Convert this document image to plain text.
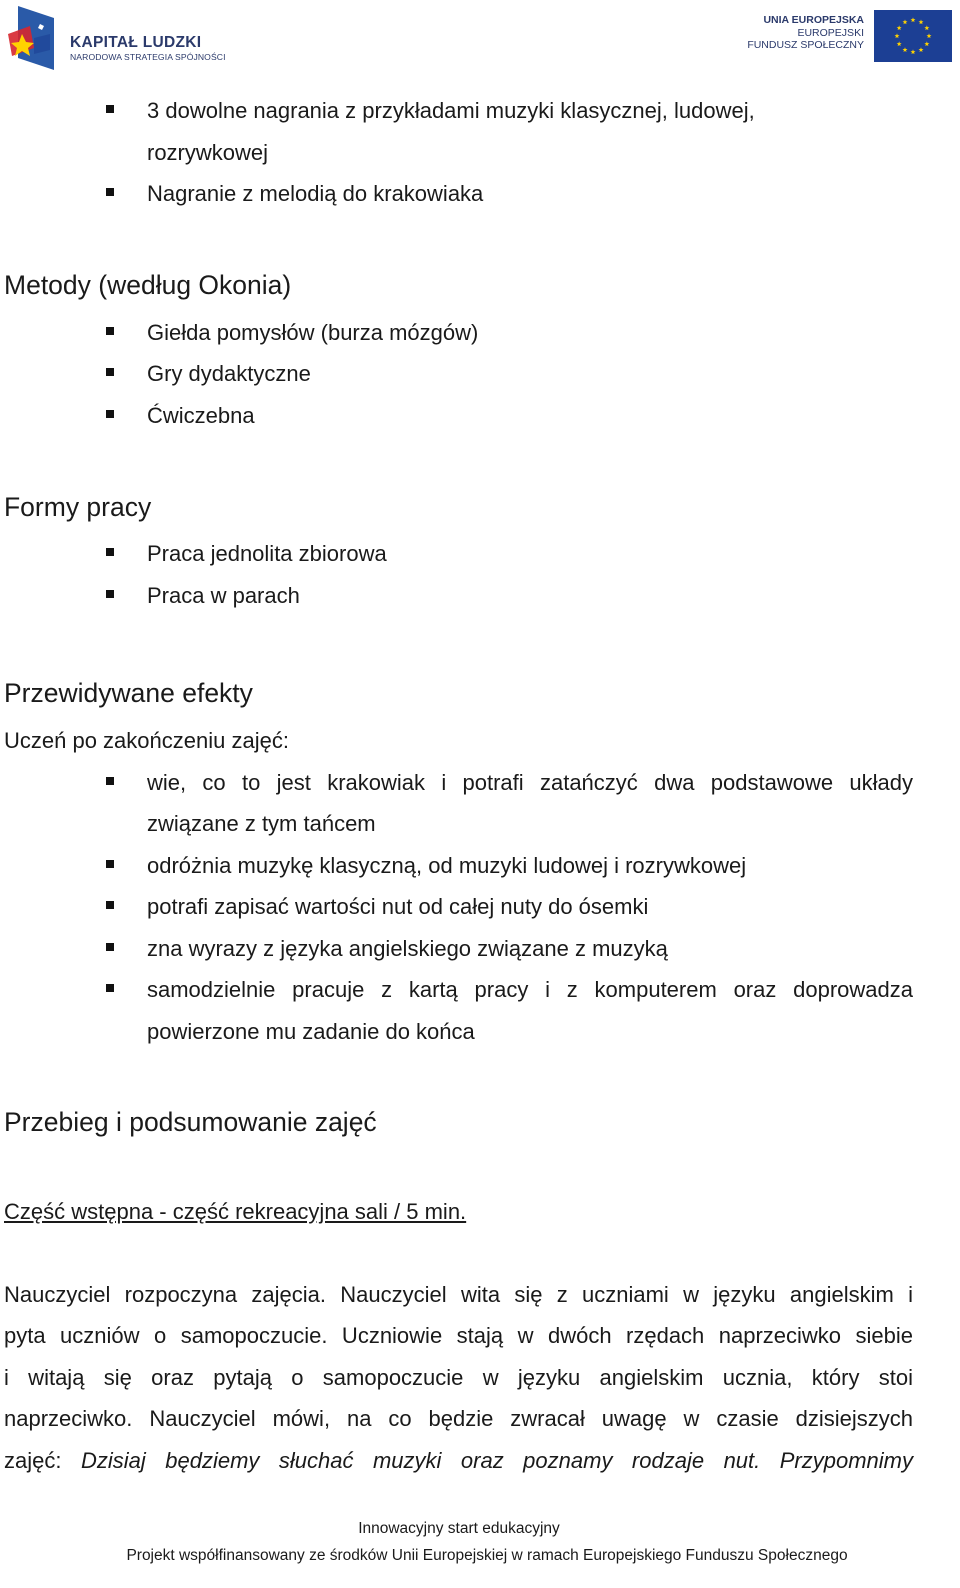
KAPITAŁ LUDZKI
NARODOWA STRATEGIA SPÓJNOŚCI
UNIA EUROPEJSKA
EUROPEJSKI
FUNDUSZ SPOŁECZNY
3 dowolne nagrania z przykładami muzyki klasycznej, ludowej,
rozrywkowej
Nagranie z melodią do krakowiaka
Metody (według Okonia)
Giełda pomysłów (burza mózgów)
Gry dydaktyczne
Ćwiczebna
Formy pracy
Praca jednolita zbiorowa
Praca w parach
Przewidywane efekty
Uczeń po zakończeniu zajęć:
wie, co to jest krakowiak i potrafi zatańczyć dwa podstawowe układy
związane z tym tańcem
odróżnia muzykę klasyczną, od muzyki ludowej i rozrywkowej
potrafi zapisać wartości nut od całej nuty do ósemki
zna wyrazy z języka angielskiego związane z muzyką
samodzielnie pracuje z kartą pracy i z komputerem oraz doprowadza
powierzone mu zadanie do końca
Przebieg i podsumowanie zajęć
Część wstępna - część rekreacyjna sali / 5 min.
Nauczyciel rozpoczyna zajęcia. Nauczyciel wita się z uczniami w języku angielskim i
pyta uczniów o samopoczucie. Uczniowie stają w dwóch rzędach naprzeciwko siebie
i witają się oraz pytają o samopoczucie w języku angielskim ucznia, który stoi
naprzeciwko. Nauczyciel mówi, na co będzie zwracał uwagę w czasie dzisiejszych
zajęć: Dzisiaj będziemy słuchać muzyki oraz poznamy rodzaje nut. Przypomnimy
Innowacyjny start edukacyjny
Projekt współfinansowany ze środków Unii Europejskiej w ramach Europejskiego Funduszu Społecznego
